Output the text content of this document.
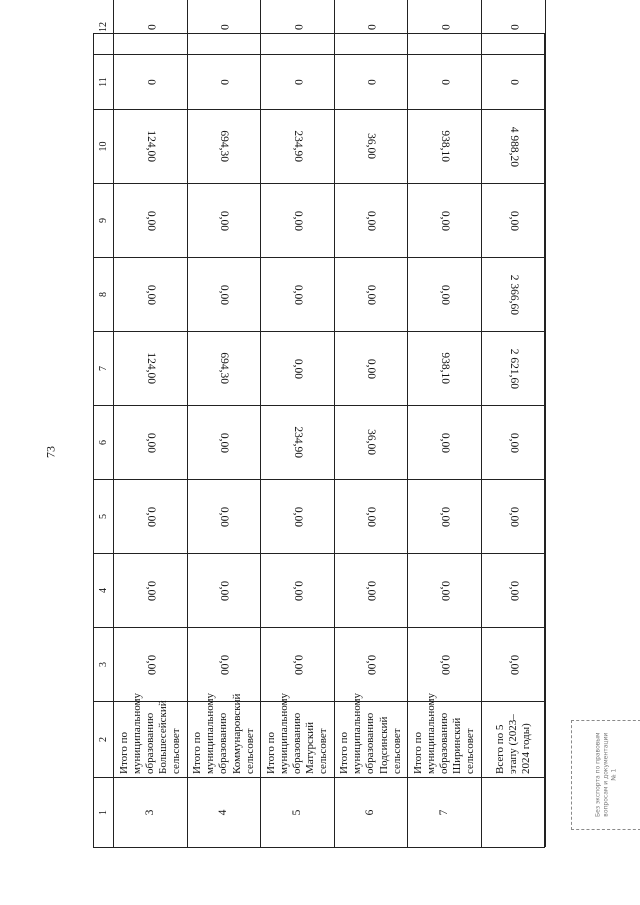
73
1
2
3
4
5
6
7
8
9
10
11
12
3
Итого по муниципальному образованию Большесейский сельсовет
0,00
0,00
0,00
0,00
124,00
0,00
0,00
124,00
0
0
4
Итого по муниципальному образованию Коммунаровский сельсовет
0,00
0,00
0,00
0,00
694,30
0,00
0,00
694,30
0
0
5
Итого по муниципальному образованию Матурский сельсовет
0,00
0,00
0,00
234,90
0,00
0,00
0,00
234,90
0
0
6
Итого по муниципальному образованию Подсинский сельсовет
0,00
0,00
0,00
36,00
0,00
0,00
0,00
36,00
0
0
7
Итого по муниципальному образованию Ширинский сельсовет
0,00
0,00
0,00
0,00
938,10
0,00
0,00
938,10
0
0
Всего по 5 этапу (2023–2024 годы)
0,00
0,00
0,00
0,00
2 621,60
2 366,60
0,00
4 988,20
0
0
Без экспорта по правовым вопросам и документации № 1
